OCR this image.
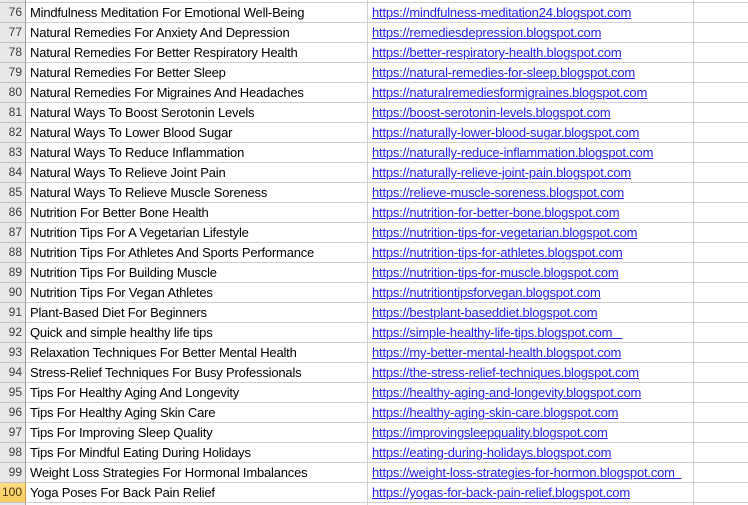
76 Mindfulness Meditation For Emotional Well-Being	https://mindfulness-meditation24.blogspot.com
77 Natural Remedies For Anxiety And Depression	https://remediesdepression.blogspot.com
78 Natural Remedies For Better Respiratory Health	https://better-respiratory-health.blogspot.com
79 Natural Remedies For Better Sleep	https://natural-remedies-for-sleep.blogspot.com
80 Natural Remedies For Migraines And Headaches	https://naturalremediesformigraines.blogspot.com
81 Natural Ways To Boost Serotonin Levels	https://boost-serotonin-levels.blogspot.com
82 Natural Ways To Lower Blood Sugar	https://naturally-lower-blood-sugar.blogspot.com
83 Natural Ways To Reduce Inflammation	https://naturally-reduce-inflammation.blogspot.com
84 Natural Ways To Relieve Joint Pain	https://naturally-relieve-joint-pain.blogspot.com
85 Natural Ways To Relieve Muscle Soreness	https://relieve-muscle-soreness.blogspot.com
86 Nutrition For Better Bone Health	https://nutrition-for-better-bone.blogspot.com
87 Nutrition Tips For A Vegetarian Lifestyle	https://nutrition-tips-for-vegetarian.blogspot.com
88 Nutrition Tips For Athletes And Sports Performance	https://nutrition-tips-for-athletes.blogspot.com
89 Nutrition Tips For Building Muscle	https://nutrition-tips-for-muscle.blogspot.com
90 Nutrition Tips For Vegan Athletes	https://nutritiontipsforvegan.blogspot.com
91 Plant-Based Diet For Beginners	https://bestplant-baseddiet.blogspot.com
92 Quick and simple healthy life tips	https://simple-healthy-life-tips.blogspot.com
93 Relaxation Techniques For Better Mental Health	https://my-better-mental-health.blogspot.com
94 Stress-Relief Techniques For Busy Professionals	https://the-stress-relief-techniques.blogspot.com
95 Tips For Healthy Aging And Longevity	https://healthy-aging-and-longevity.blogspot.com
96 Tips For Healthy Aging Skin Care	https://healthy-aging-skin-care.blogspot.com
97 Tips For Improving Sleep Quality	https://improvingsleepquality.blogspot.com
98 Tips For Mindful Eating During Holidays	https://eating-during-holidays.blogspot.com
99 Weight Loss Strategies For Hormonal Imbalances	https://weight-loss-strategies-for-hormon.blogspot.com
100 Yoga Poses For Back Pain Relief	https://yogas-for-back-pain-relief.blogspot.com
